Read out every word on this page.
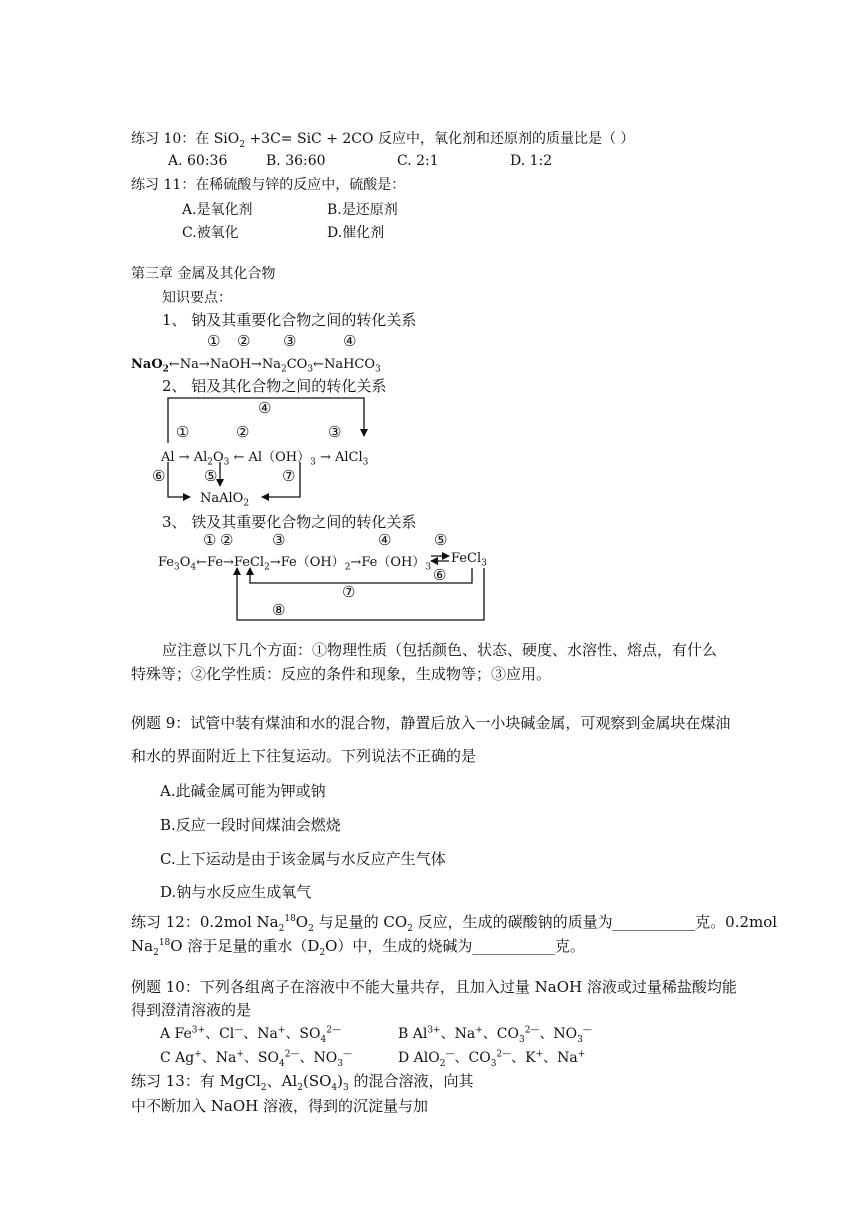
练习 10：在 SiO$_2$ +3C= SiC + 2CO 反应中，氧化剂和还原剂的质量比是（ ）
A. 60:36	B. 36:60	C. 2:1	D. 1:2
练习 11：在稀硫酸与锌的反应中，硫酸是：
A.是氧化剂	B.是还原剂
C.被氧化	D.催化剂
第三章 金属及其化合物
知识要点：
1、 钠及其重要化合物之间的转化关系
① ② ③	④
$NaO_2\leftarrow Na\to NaOH\to Na_2CO_3\leftarrow NaHCO_3$
2、 铝及其化合物之间的转化关系
④
①	②	③
$Al \to Al_2O_3$ ← $Al(OH)_3$ → AlCl$_3$
⑤
⑥	⑦
NaAlO$_2$
3、 铁及其重要化合物之间的转化关系
① ②	③	④	⑤
$Fe_3O_4\leftarrow Fe\to FeCl_2\to Fe(OH)_2\to Fe(OH)_3$
FeCl$_3$
⑥
⑦
⑧
应注意以下几个方面：①物理性质（包括颜色、状态、硬度、水溶性、熔点，有什么
特殊等；②化学性质：反应的条件和现象，生成物等；③应用。
例题 9：试管中装有煤油和水的混合物，静置后放入一小块碱金属，可观察到金属块在煤油
和水的界面附近上下往复运动。下列说法不正确的是
A.此碱金属可能为钾或钠
B.反应一段时间煤油会燃烧
C.上下运动是由于该金属与水反应产生气体
D.钠与水反应生成氧气
练习 12：0.2mol $Na_2^{18}O_2$ 与足量的 $CO_2$ 反应，生成的碳酸钠的质量为___________克。0.2mol
$Na_2^{18}O$ 溶于足量的重水$(D_2O)$中，生成的烧碱为___________克。
例题 10：下列各组离子在溶液中不能大量共存，且加入过量 NaOH 溶液或过量稀盐酸均能
得到澄清溶液的是
A $Fe^{3+}$、Cl—、Na+、$SO_4^{2—}$	B $Al^{3+}$、Na+、$CO_3^{2—}$、$NO_3^—$
C Ag+、Na+、$SO_4^{2—}$、$NO_3^—$	D AlO$_2$—、$CO_3^{2—}$、K+、Na+
练习 13：有 MgCl$_2$、$Al_2(SO_4)_3$ 的混合溶液，向其
中不断加入 NaOH 溶液，得到的沉淀量与加
